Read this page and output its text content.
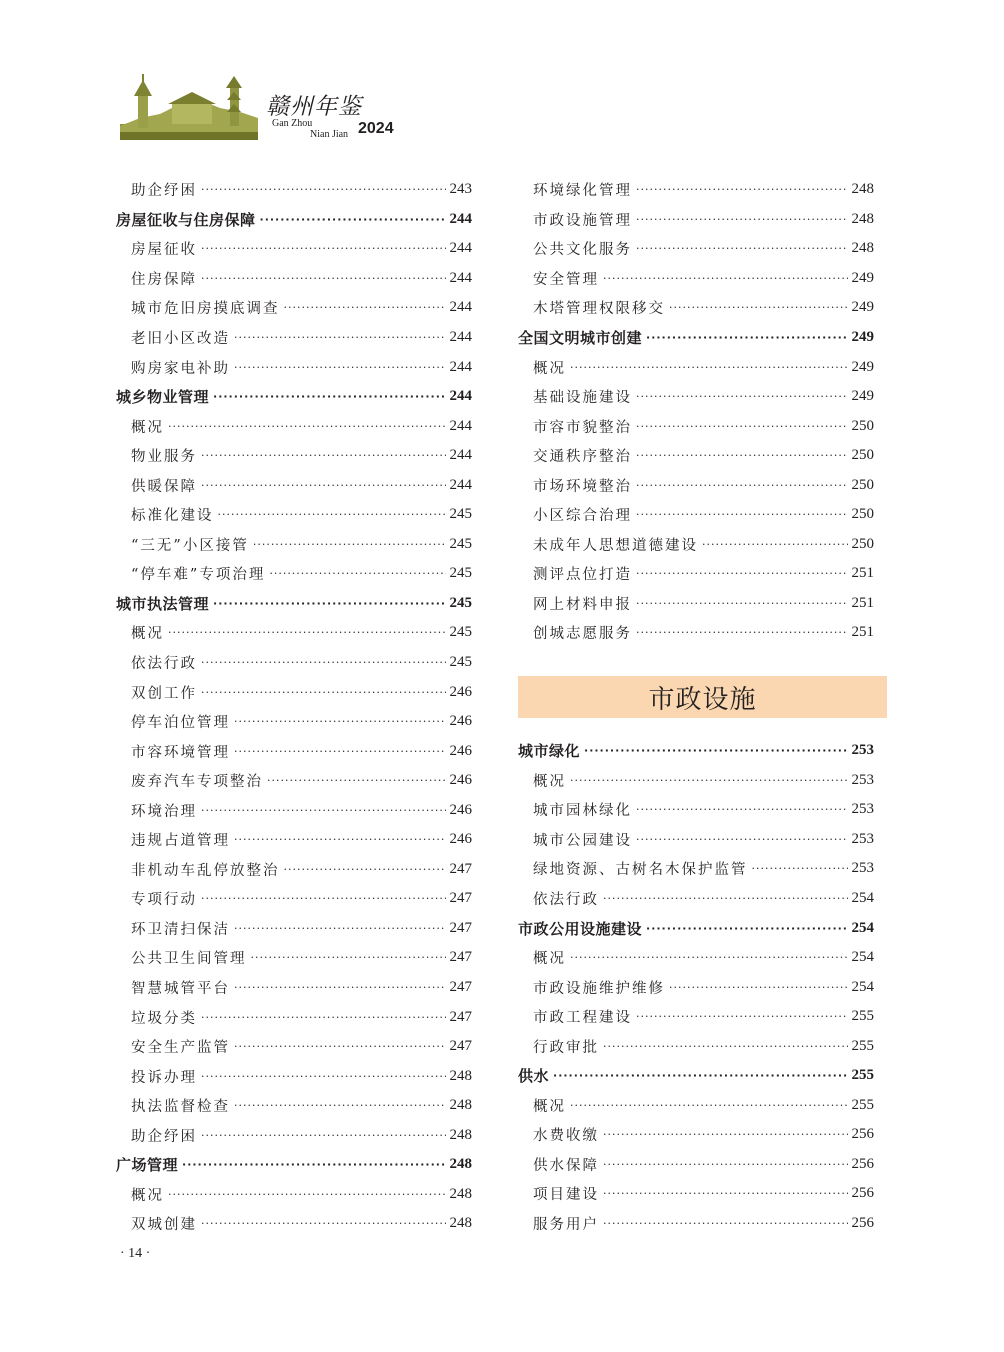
赣州年鉴
Gan Zhou
Nian Jian 2024
助企纾困 ·····	243
房屋征收与住房保障 ·····	244
房屋征收 ·····	244
住房保障 ·····	244
城市危旧房摸底调查 ·····	244
老旧小区改造 ·····	244
购房家电补助 ·····	244
城乡物业管理 ·····	244
概况 ·····	244
物业服务 ·····	244
供暖保障 ·····	244
标准化建设 ·····	245
“三无”小区接管 ·····	245
“停车难”专项治理 ·····	245
城市执法管理 ·····	245
概况 ·····	245
依法行政 ·····	245
双创工作 ·····	246
停车泊位管理 ·····	246
市容环境管理 ·····	246
废弃汽车专项整治 ·····	246
环境治理 ·····	246
违规占道管理 ·····	246
非机动车乱停放整治 ·····	247
专项行动 ·····	247
环卫清扫保洁 ·····	247
公共卫生间管理 ·····	247
智慧城管平台 ·····	247
垃圾分类 ·····	247
安全生产监管 ·····	247
投诉办理 ·····	248
执法监督检查 ·····	248
助企纾困 ·····	248
广场管理 ·····	248
概况 ·····	248
双城创建 ·····	248
环境绿化管理 ·····	248
市政设施管理 ·····	248
公共文化服务 ·····	248
安全管理 ·····	249
木塔管理权限移交 ·····	249
全国文明城市创建 ·····	249
概况 ·····	249
基础设施建设 ·····	249
市容市貌整治 ·····	250
交通秩序整治 ·····	250
市场环境整治 ·····	250
小区综合治理 ·····	250
未成年人思想道德建设 ·····	250
测评点位打造 ·····	251
网上材料申报 ·····	251
创城志愿服务 ·····	251
市政设施
城市绿化 ·····	253
概况 ·····	253
城市园林绿化 ·····	253
城市公园建设 ·····	253
绿地资源、古树名木保护监管 ·····	253
依法行政 ·····	254
市政公用设施建设 ·····	254
概况 ·····	254
市政设施维护维修 ·····	254
市政工程建设 ·····	255
行政审批 ·····	255
供水 ·····	255
概况 ·····	255
水费收缴 ·····	256
供水保障 ·····	256
项目建设 ·····	256
服务用户 ·····	256
· 14 ·
